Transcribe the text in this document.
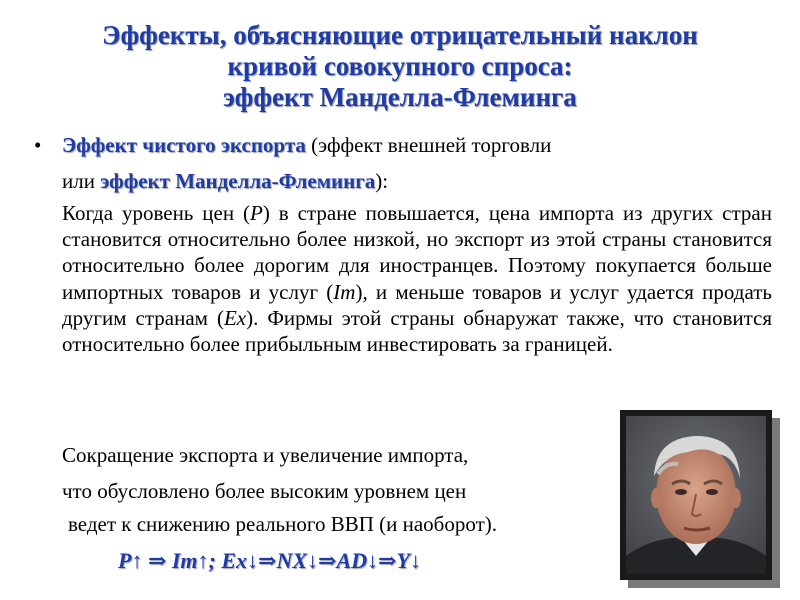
Эффекты, объясняющие отрицательный наклон
кривой совокупного спроса:
эффект Манделла-Флеминга
• Эффект чистого экспорта (эффект внешней торговли
или эффект Манделла-Флеминга):
Когда уровень цен (P) в стране повышается, цена импорта из других стран становится относительно более низкой, но экспорт из этой страны становится относительно более дорогим для иностранцев. Поэтому покупается больше импортных товаров и услуг (Im), и меньше товаров и услуг удается продать другим странам (Ex). Фирмы этой страны обнаружат также, что становится относительно более прибыльным инвестировать за границей.
Сокращение экспорта и увеличение импорта,
что обусловлено более высоким уровнем цен
ведет к снижению реального ВВП (и наоборот).
P↑ ⇒ Im↑; Ex↓⇒NX↓⇒AD↓⇒Y↓
